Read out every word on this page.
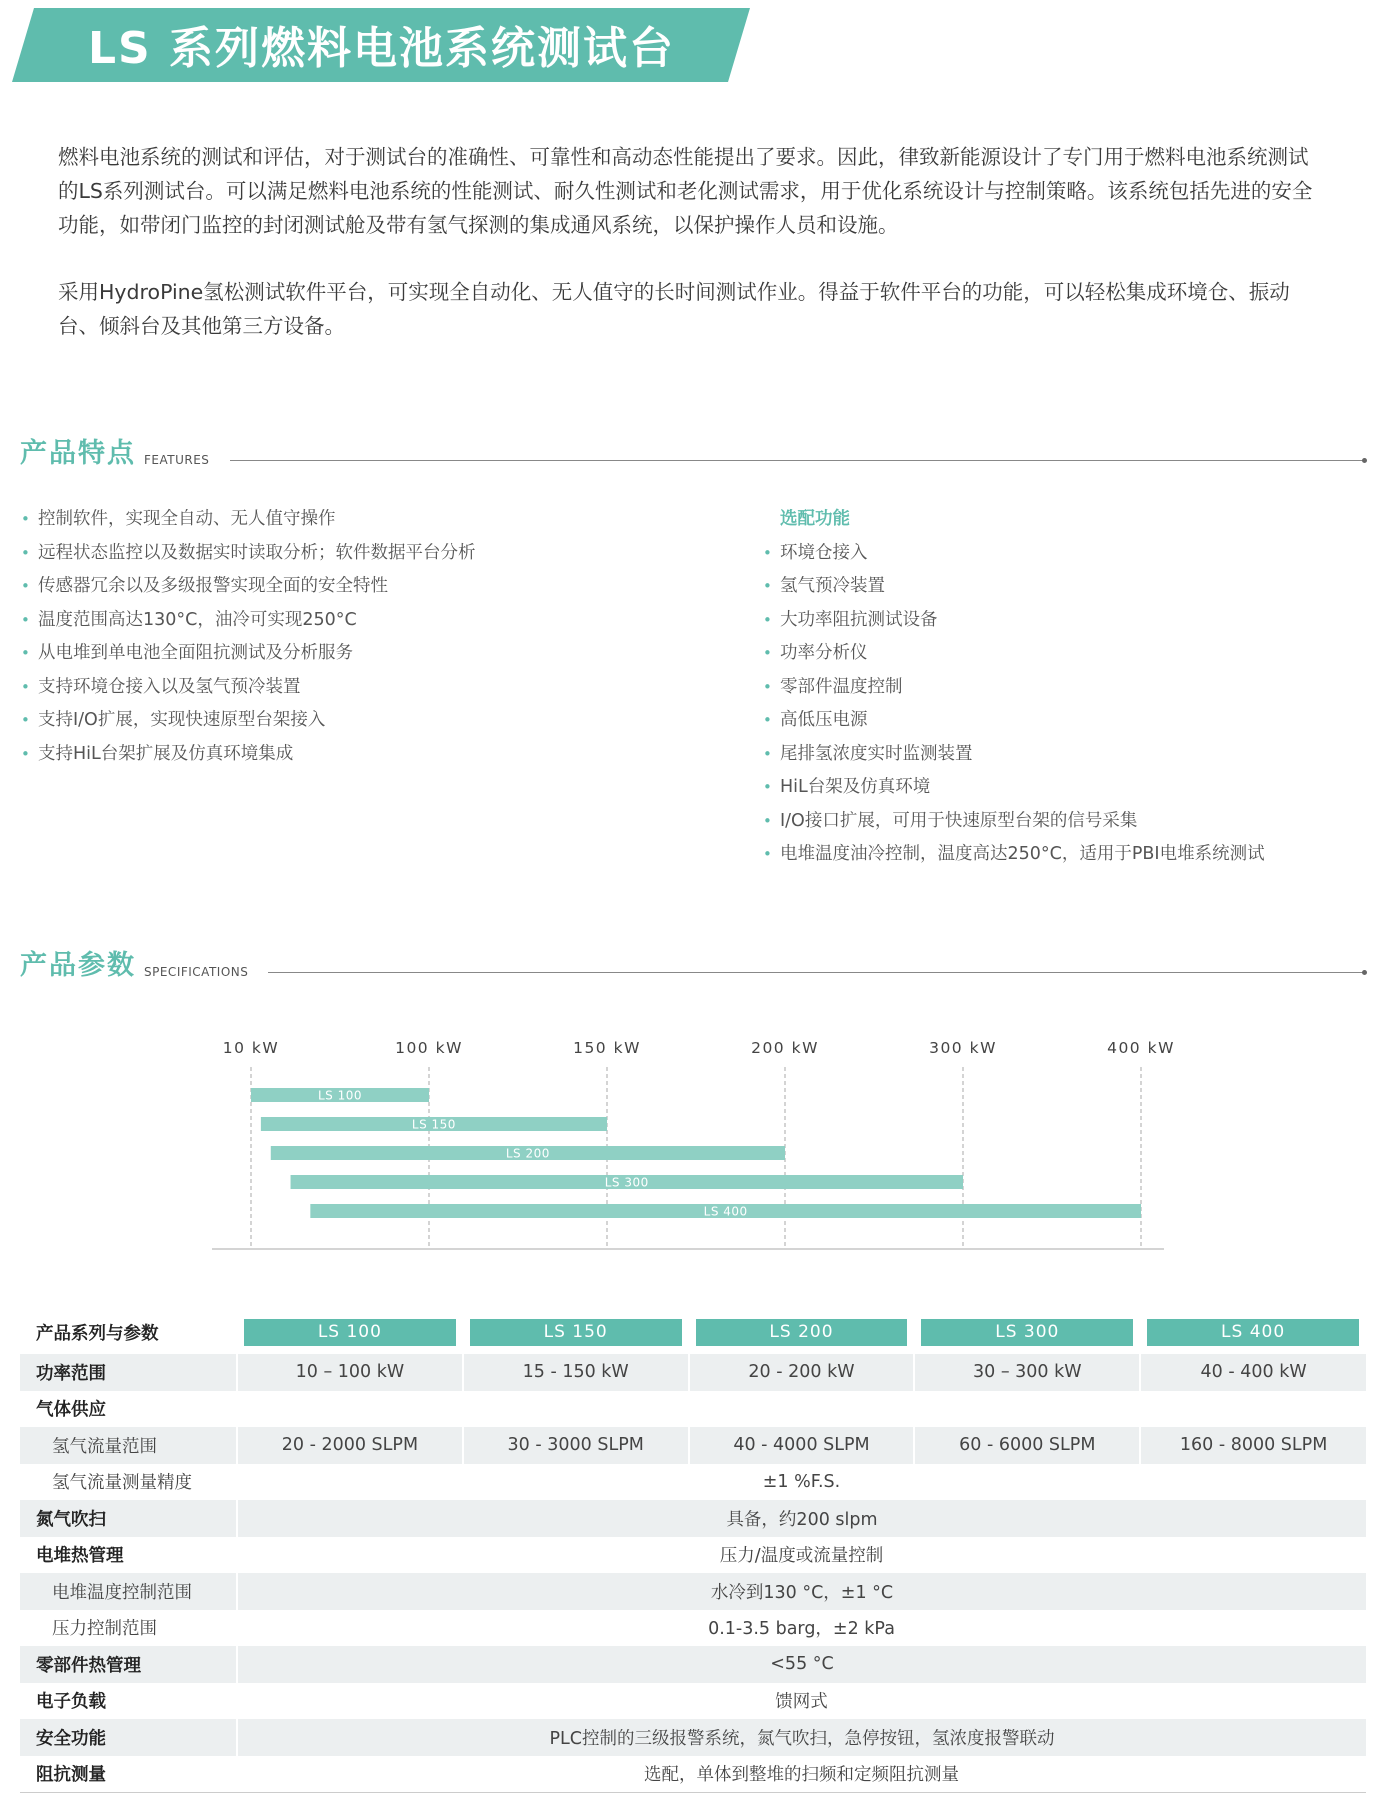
LS 系列燃料电池系统测试台
燃料电池系统的测试和评估，对于测试台的准确性、可靠性和高动态性能提出了要求。因此，律致新能源设计了专门用于燃料电池系统测试的LS系列测试台。可以满足燃料电池系统的性能测试、耐久性测试和老化测试需求，用于优化系统设计与控制策略。该系统包括先进的安全功能，如带闭门监控的封闭测试舱及带有氢气探测的集成通风系统，以保护操作人员和设施。
采用HydroPine氢松测试软件平台，可实现全自动化、无人值守的长时间测试作业。得益于软件平台的功能，可以轻松集成环境仓、振动台、倾斜台及其他第三方设备。
产品特点 FEATURES
• 控制软件，实现全自动、无人值守操作
• 远程状态监控以及数据实时读取分析；软件数据平台分析
• 传感器冗余以及多级报警实现全面的安全特性
• 温度范围高达130°C，油冷可实现250°C
• 从电堆到单电池全面阻抗测试及分析服务
• 支持环境仓接入以及氢气预冷装置
• 支持I/O扩展，实现快速原型台架接入
• 支持HiL台架扩展及仿真环境集成
选配功能
• 环境仓接入
• 氢气预冷装置
• 大功率阻抗测试设备
• 功率分析仪
• 零部件温度控制
• 高低压电源
• 尾排氢浓度实时监测装置
• HiL台架及仿真环境
• I/O接口扩展，可用于快速原型台架的信号采集
• 电堆温度油冷控制，温度高达250°C，适用于PBI电堆系统测试
产品参数 SPECIFICATIONS
10 kW	100 kW	150 kW	200 kW	300 kW	400 kW
LS 100
LS 150
LS 200
LS 300
LS 400
产品系列与参数	LS 100	LS 150	LS 200	LS 300	LS 400

功率范围	10 – 100 kW	15 - 150 kW	20 - 200 kW	30 – 300 kW	40 - 400 kW
气体供应					
氢气流量范围	20 - 2000 SLPM	30 - 3000 SLPM	40 - 4000 SLPM	60 - 6000 SLPM	160 - 8000 SLPM
氢气流量测量精度	±1 %F.S.				
氮气吹扫	具备，约200 slpm				
电堆热管理	压力/温度或流量控制				
电堆温度控制范围	水冷到130 °C，±1 °C				
压力控制范围	0.1-3.5 barg，±2 kPa				
零部件热管理	<55 °C				
电子负载	馈网式				
安全功能	PLC控制的三级报警系统，氮气吹扫，急停按钮，氢浓度报警联动				
阻抗测量	选配，单体到整堆的扫频和定频阻抗测量				
